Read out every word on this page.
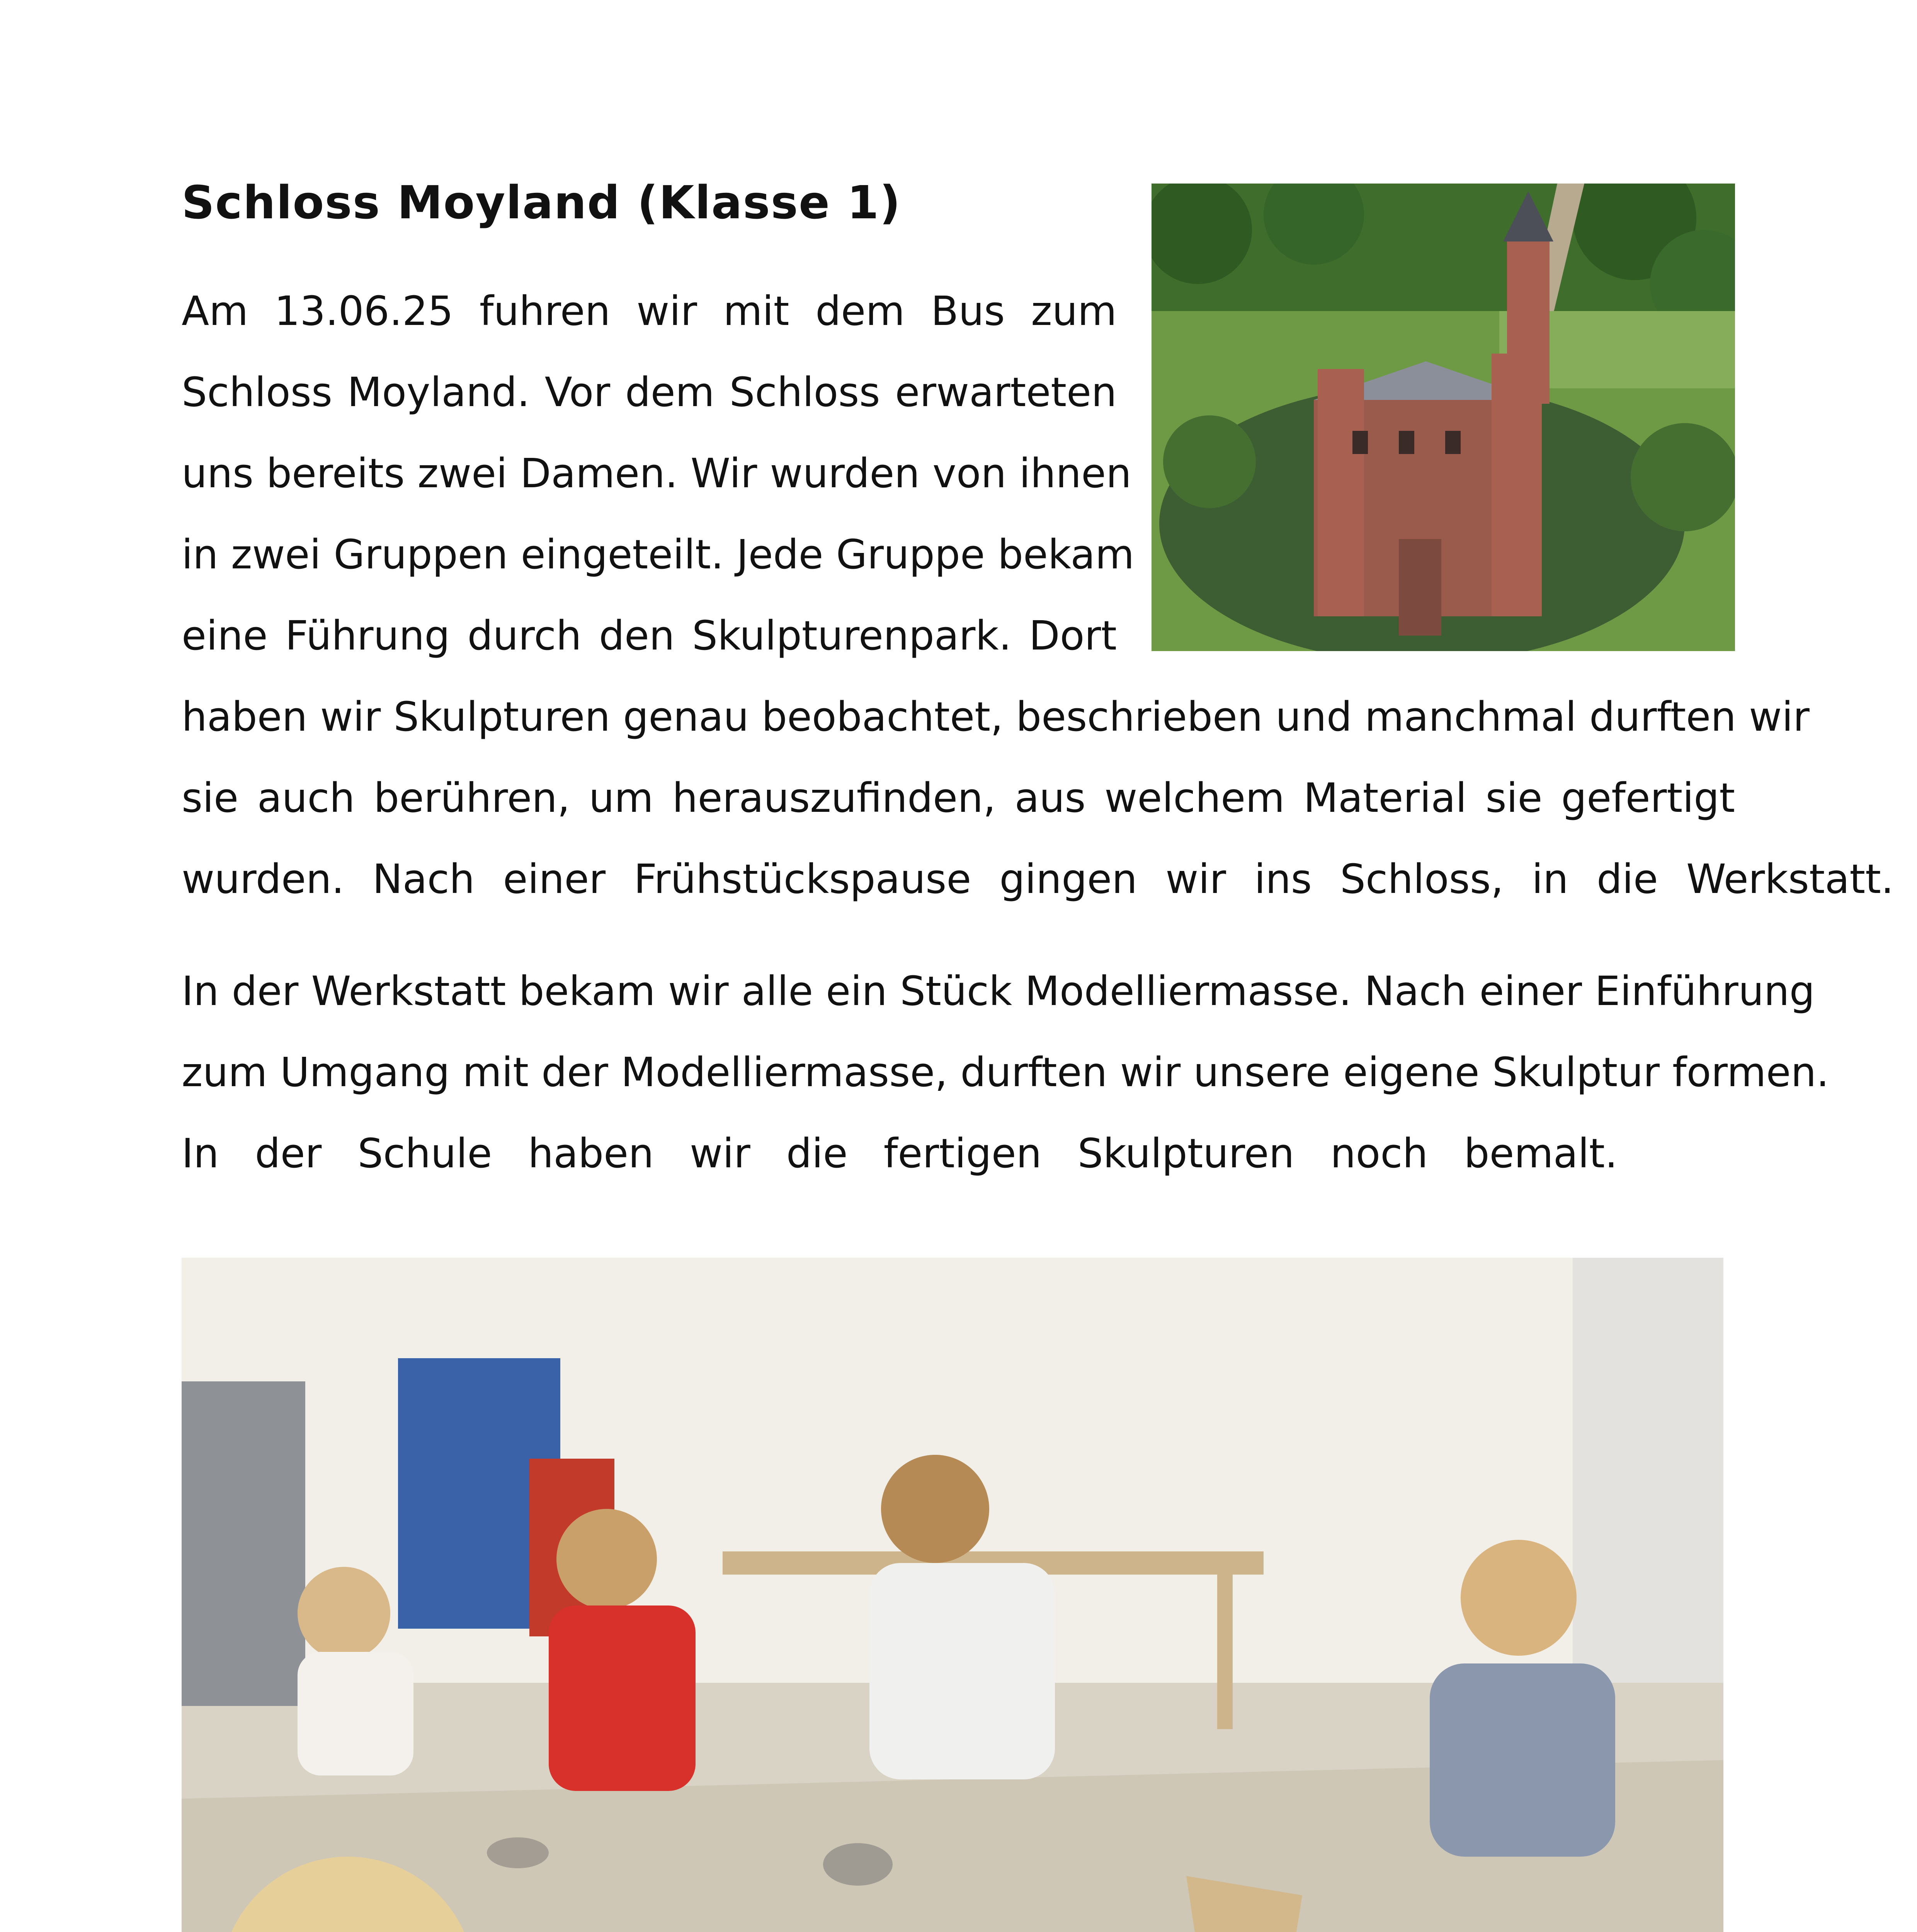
Schloss Moyland (Klasse 1)
Am 13.06.25 fuhren wir mit dem Bus zum
Schloss Moyland. Vor dem Schloss erwarteten
uns bereits zwei Damen. Wir wurden von ihnen
in zwei Gruppen eingeteilt. Jede Gruppe bekam
eine Führung durch den Skulpturenpark. Dort
haben wir Skulpturen genau beobachtet, beschrieben und manchmal durften wir
sie auch berühren, um herauszufinden, aus welchem Material sie gefertigt
wurden. Nach einer Frühstückspause gingen wir ins Schloss, in die Werkstatt.
In der Werkstatt bekam wir alle ein Stück Modelliermasse. Nach einer Einführung
zum Umgang mit der Modelliermasse, durften wir unsere eigene Skulptur formen.
In der Schule haben wir die fertigen Skulpturen noch bemalt.
